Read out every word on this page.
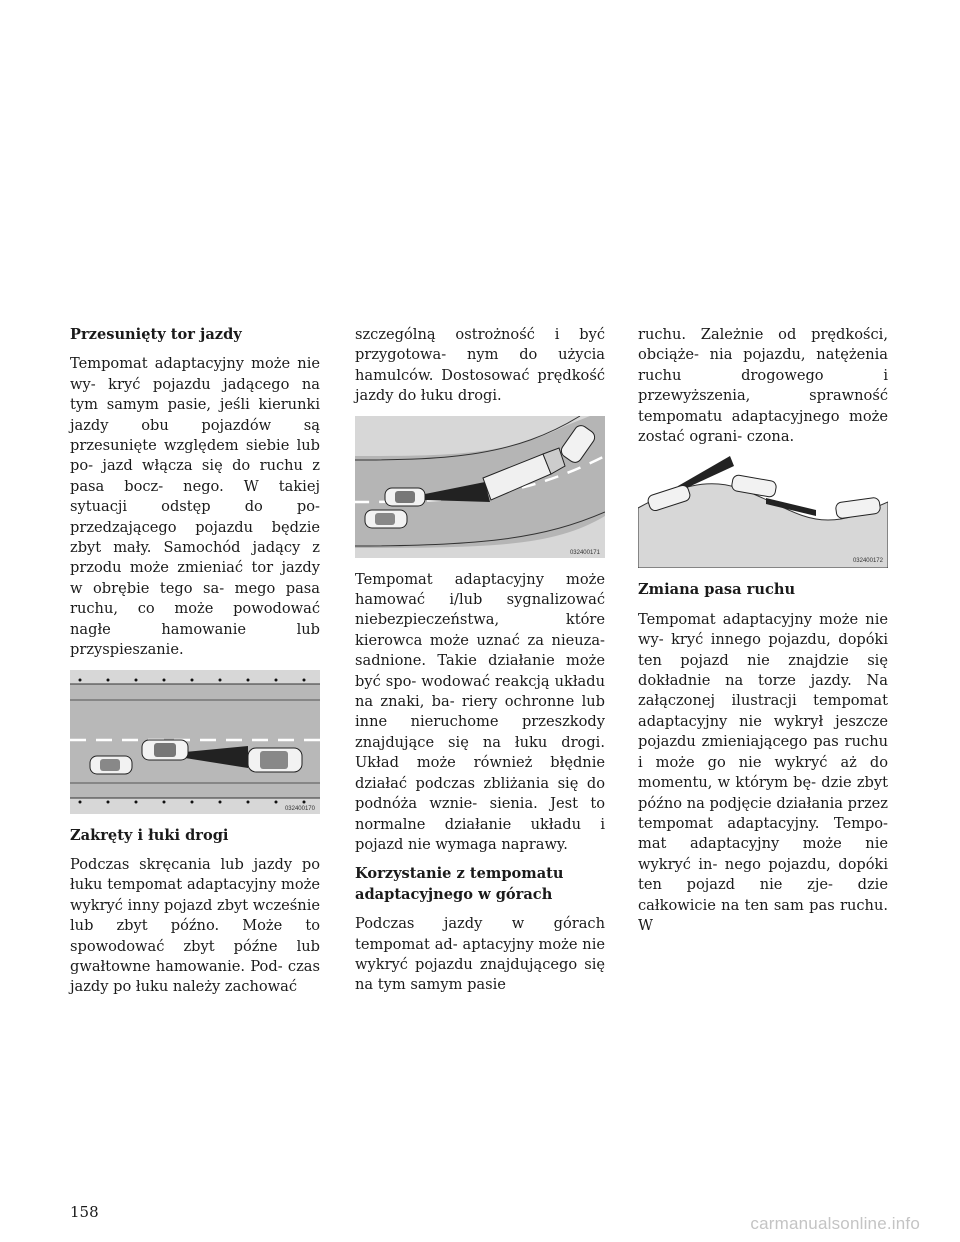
Przesunięty tor jazdy

Tempomat adaptacyjny może nie wy- kryć pojazdu jadącego na tym samym pasie, jeśli kierunki jazdy obu pojazdów są przesunięte względem siebie lub po- jazd włącza się do ruchu z pasa bocz- nego. W takiej sytuacji odstęp do po- przedzającego pojazdu będzie zbyt mały. Samochód jadący z przodu może zmieniać tor jazdy w obrębie tego sa- mego pasa ruchu, co może powodować nagłe hamowanie lub przyspieszanie.

032400170
Zakręty i łuki drogi

Podczas skręcania lub jazdy po łuku tempomat adaptacyjny może wykryć inny pojazd zbyt wcześnie lub zbyt późno. Może to spowodować zbyt późne lub gwałtowne hamowanie. Pod- czas jazdy po łuku należy zachować

szczególną ostrożność i być przygotowa- nym do użycia hamulców. Dostosować prędkość jazdy do łuku drogi.

032400171

Tempomat adaptacyjny może hamować i/lub sygnalizować niebezpieczeństwa, które kierowca może uznać za nieuza- sadnione. Takie działanie może być spo- wodować reakcją układu na znaki, ba- riery ochronne lub inne nieruchome przeszkody znajdujące się na łuku drogi. Układ może również błędnie działać podczas zbliżania się do podnóża wznie- sienia. Jest to normalne działanie układu i pojazd nie wymaga naprawy.

Korzystanie z tempomatu adaptacyjnego w górach

Podczas jazdy w górach tempomat ad- aptacyjny może nie wykryć pojazdu znajdującego się na tym samym pasie

ruchu. Zależnie od prędkości, obciąże- nia pojazdu, natężenia ruchu drogowego i przewyższenia, sprawność tempomatu adaptacyjnego może zostać ograni- czona.

032400172
Zmiana pasa ruchu

Tempomat adaptacyjny może nie wy- kryć innego pojazdu, dopóki ten pojazd nie znajdzie się dokładnie na torze jazdy. Na załączonej ilustracji tempomat adaptacyjny nie wykrył jeszcze pojazdu zmieniającego pas ruchu i może go nie wykryć aż do momentu, w którym bę- dzie zbyt późno na podjęcie działania przez tempomat adaptacyjny. Tempo- mat adaptacyjny może nie wykryć in- nego pojazdu, dopóki ten pojazd nie zje- dzie całkowicie na ten sam pas ruchu. W

158
carmanualsonline.info
